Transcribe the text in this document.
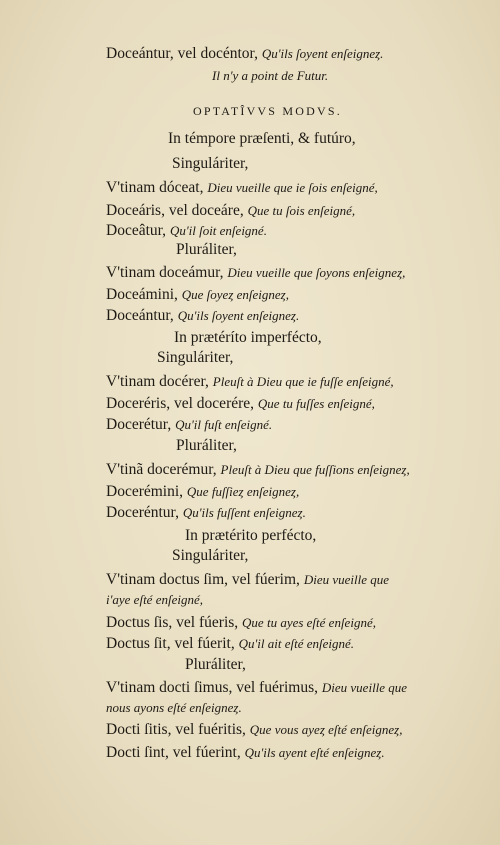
Doceántur, vel docéntor, Qu'ils ſoyent enſeigneȥ.
Il n'y a point de Futur.
OPTATÎVVS MODVS.
In témpore præſenti, & futúro,
Singuláriter,
V'tinam dóceat, Dieu vueille que ie ſois enſeigné,
Doceáris, vel doceáre, Que tu ſois enſeigné,
Doceâtur, Qu'il ſoit enſeigné.
Pluráliter,
V'tinam doceámur, Dieu vueille que ſoyons enſeigneȥ,
Doceámini, Que ſoyeȥ enſeigneȥ,
Doceántur, Qu'ils ſoyent enſeigneȥ.
In prætéríto imperfécto,
Singuláriter,
V'tinam docérer, Pleuſt à Dieu que ie fuſſe enſeigné,
Doceréris, vel docerére, Que tu fuſſes enſeigné,
Docerétur, Qu'il fuſt enſeigné.
Pluráliter,
V'tinã docerémur, Pleuſt à Dieu que fuſſions enſeigneȥ,
Docerémini, Que fuſſieȥ enſeigneȥ,
Doceréntur, Qu'ils fuſſent enſeigneȥ.
In prætérito perfécto,
Singuláriter,
V'tinam doctus ſim, vel fúerim, Dieu vueille que
i'aye eſté enſeigné,
Doctus ſis, vel fúeris, Que tu ayes eſté enſeigné,
Doctus ſit, vel fúerit, Qu'il ait eſté enſeigné.
Pluráliter,
V'tinam docti ſimus, vel fuérimus, Dieu vueille que
nous ayons eſté enſeigneȥ.
Docti ſitis, vel fuéritis, Que vous ayeȥ eſté enſeigneȥ,
Docti ſint, vel fúerint, Qu'ils ayent eſté enſeigneȥ.
